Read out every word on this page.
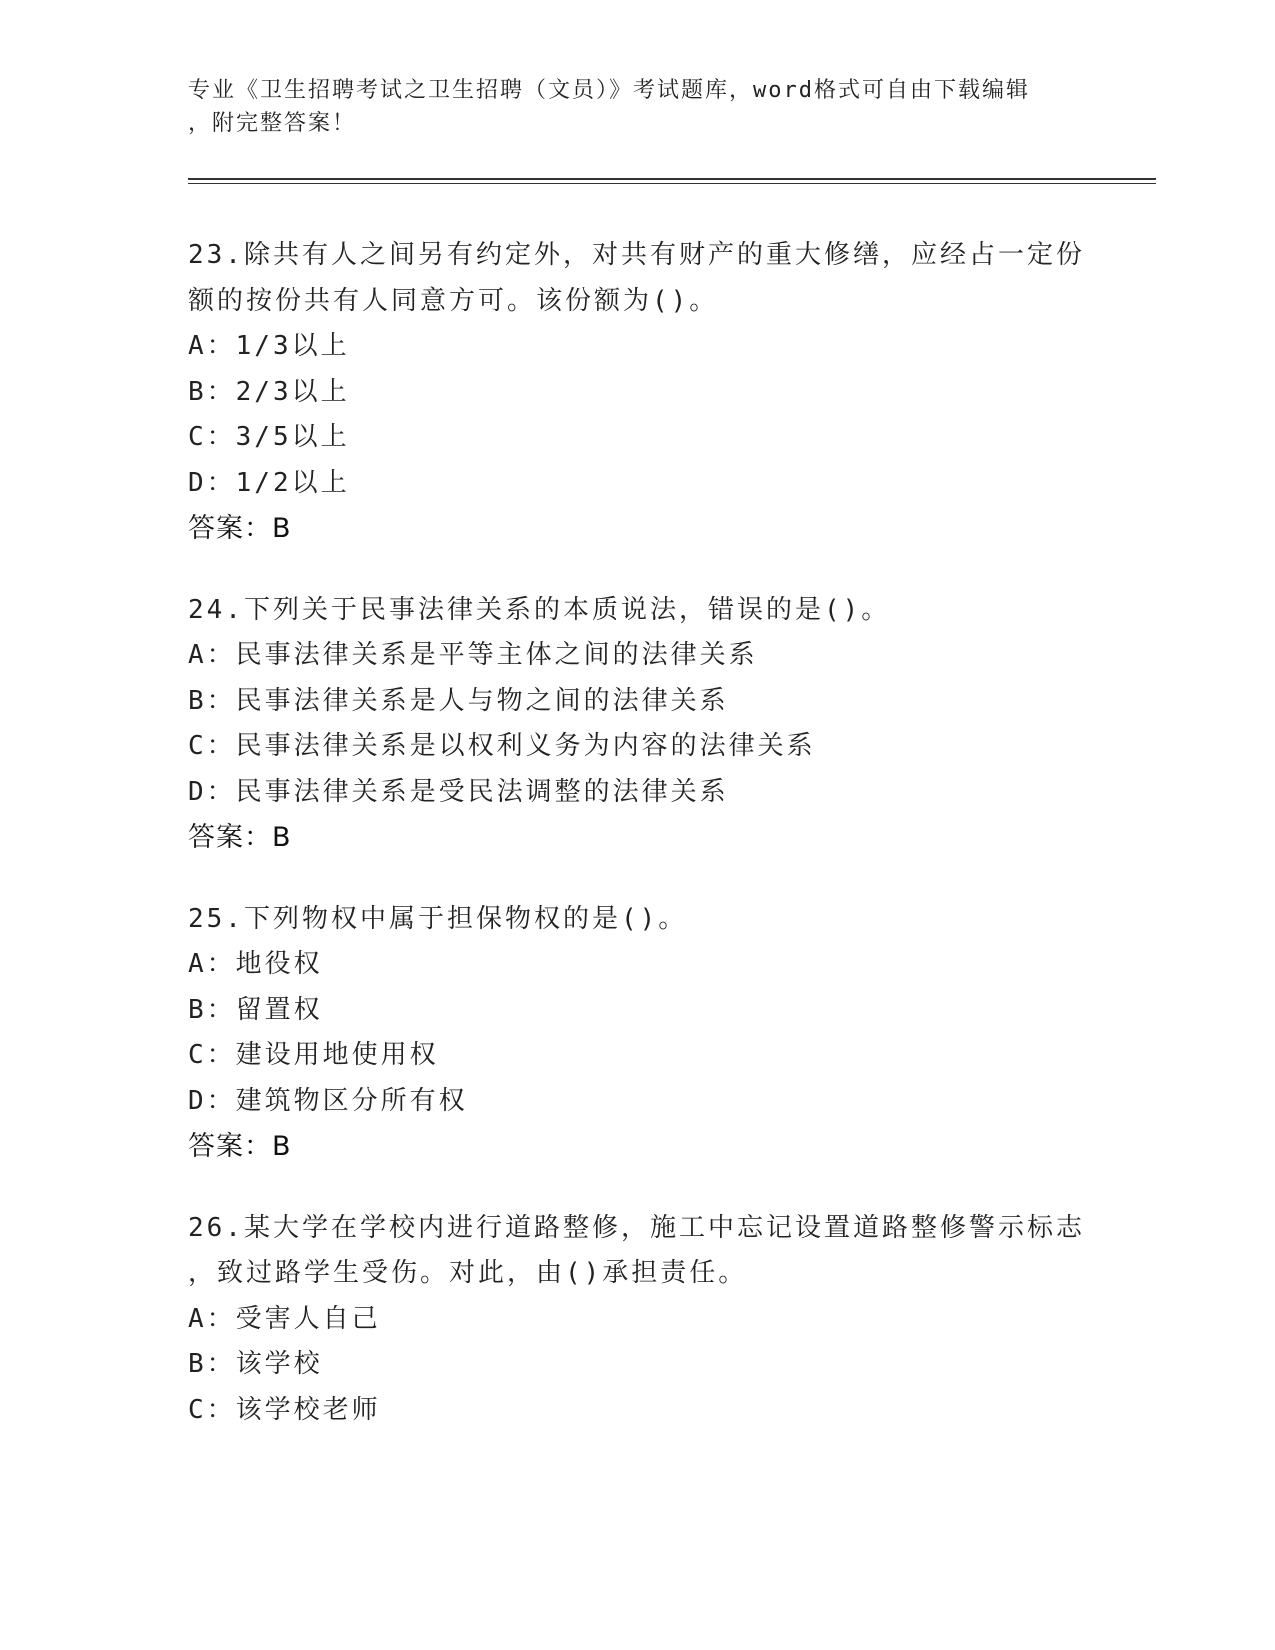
专业《卫生招聘考试之卫生招聘（文员）》考试题库，word格式可自由下载编辑
，附完整答案！
23.除共有人之间另有约定外，对共有财产的重大修缮，应经占一定份
额的按份共有人同意方可。该份额为()。
A：1/3以上
B：2/3以上
C：3/5以上
D：1/2以上
答案：B
24.下列关于民事法律关系的本质说法，错误的是()。
A：民事法律关系是平等主体之间的法律关系
B：民事法律关系是人与物之间的法律关系
C：民事法律关系是以权利义务为内容的法律关系
D：民事法律关系是受民法调整的法律关系
答案：B
25.下列物权中属于担保物权的是()。
A：地役权
B：留置权
C：建设用地使用权
D：建筑物区分所有权
答案：B
26.某大学在学校内进行道路整修，施工中忘记设置道路整修警示标志
，致过路学生受伤。对此，由()承担责任。
A：受害人自己
B：该学校
C：该学校老师
